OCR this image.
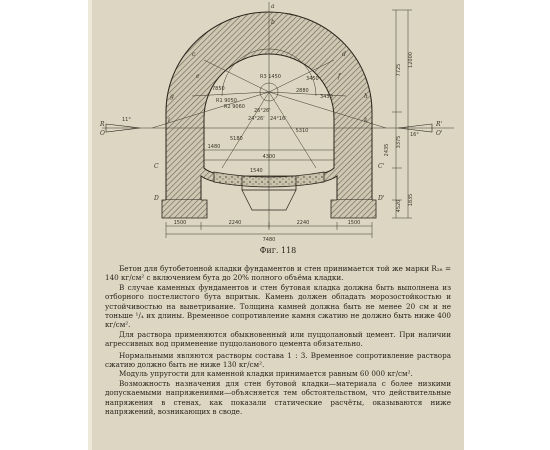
1500	2240	2240	1500
7480
4300
5310
1480
12000
7725
3375
2435
1835
4520
R1 9050
R2 9060
R3 1450
7850
3450
2880
3430
5180
1540
11°
16°
24°26' 24°16'
26°26'
a
b
c	d
e	f
g	h
i	k
C
D
C'
D'
R	R'
O	O'
Фиг. 118

Бетон для бутобетонной кладки фундаментов и стен принимается той же марки R₂₈ = 140 кг/см² с включением бута до 20% полного объёма кладки.

В случае каменных фундаментов и стен бутовая кладка должна быть выполнена из отборного постелистого бута впритык. Камень должен обладать морозостойкостью и устойчивостью на выветривание. Толщина камней должна быть не менее 20 см и не тоньше ¹/₄ их длины. Временное сопротивление камня сжатию не должно быть ниже 400 кг/см².

Для раствора применяются обыкновенный или пуццолановый цемент. При наличии агрессивных вод применение пуццоланового цемента обязательно.

Нормальными являются растворы состава 1 : 3. Временное сопротивление раствора сжатию должно быть не ниже 130 кг/см².

Модуль упругости для каменной кладки принимается равным 60 000 кг/см².

Возможность назначения для стен бутовой кладки—материала с более низкими допускаемыми напряжениями—объясняется тем обстоятельством, что действительные напряжения в стенах, как показали статические расчёты, оказываются ниже напряжений, возникающих в своде.
